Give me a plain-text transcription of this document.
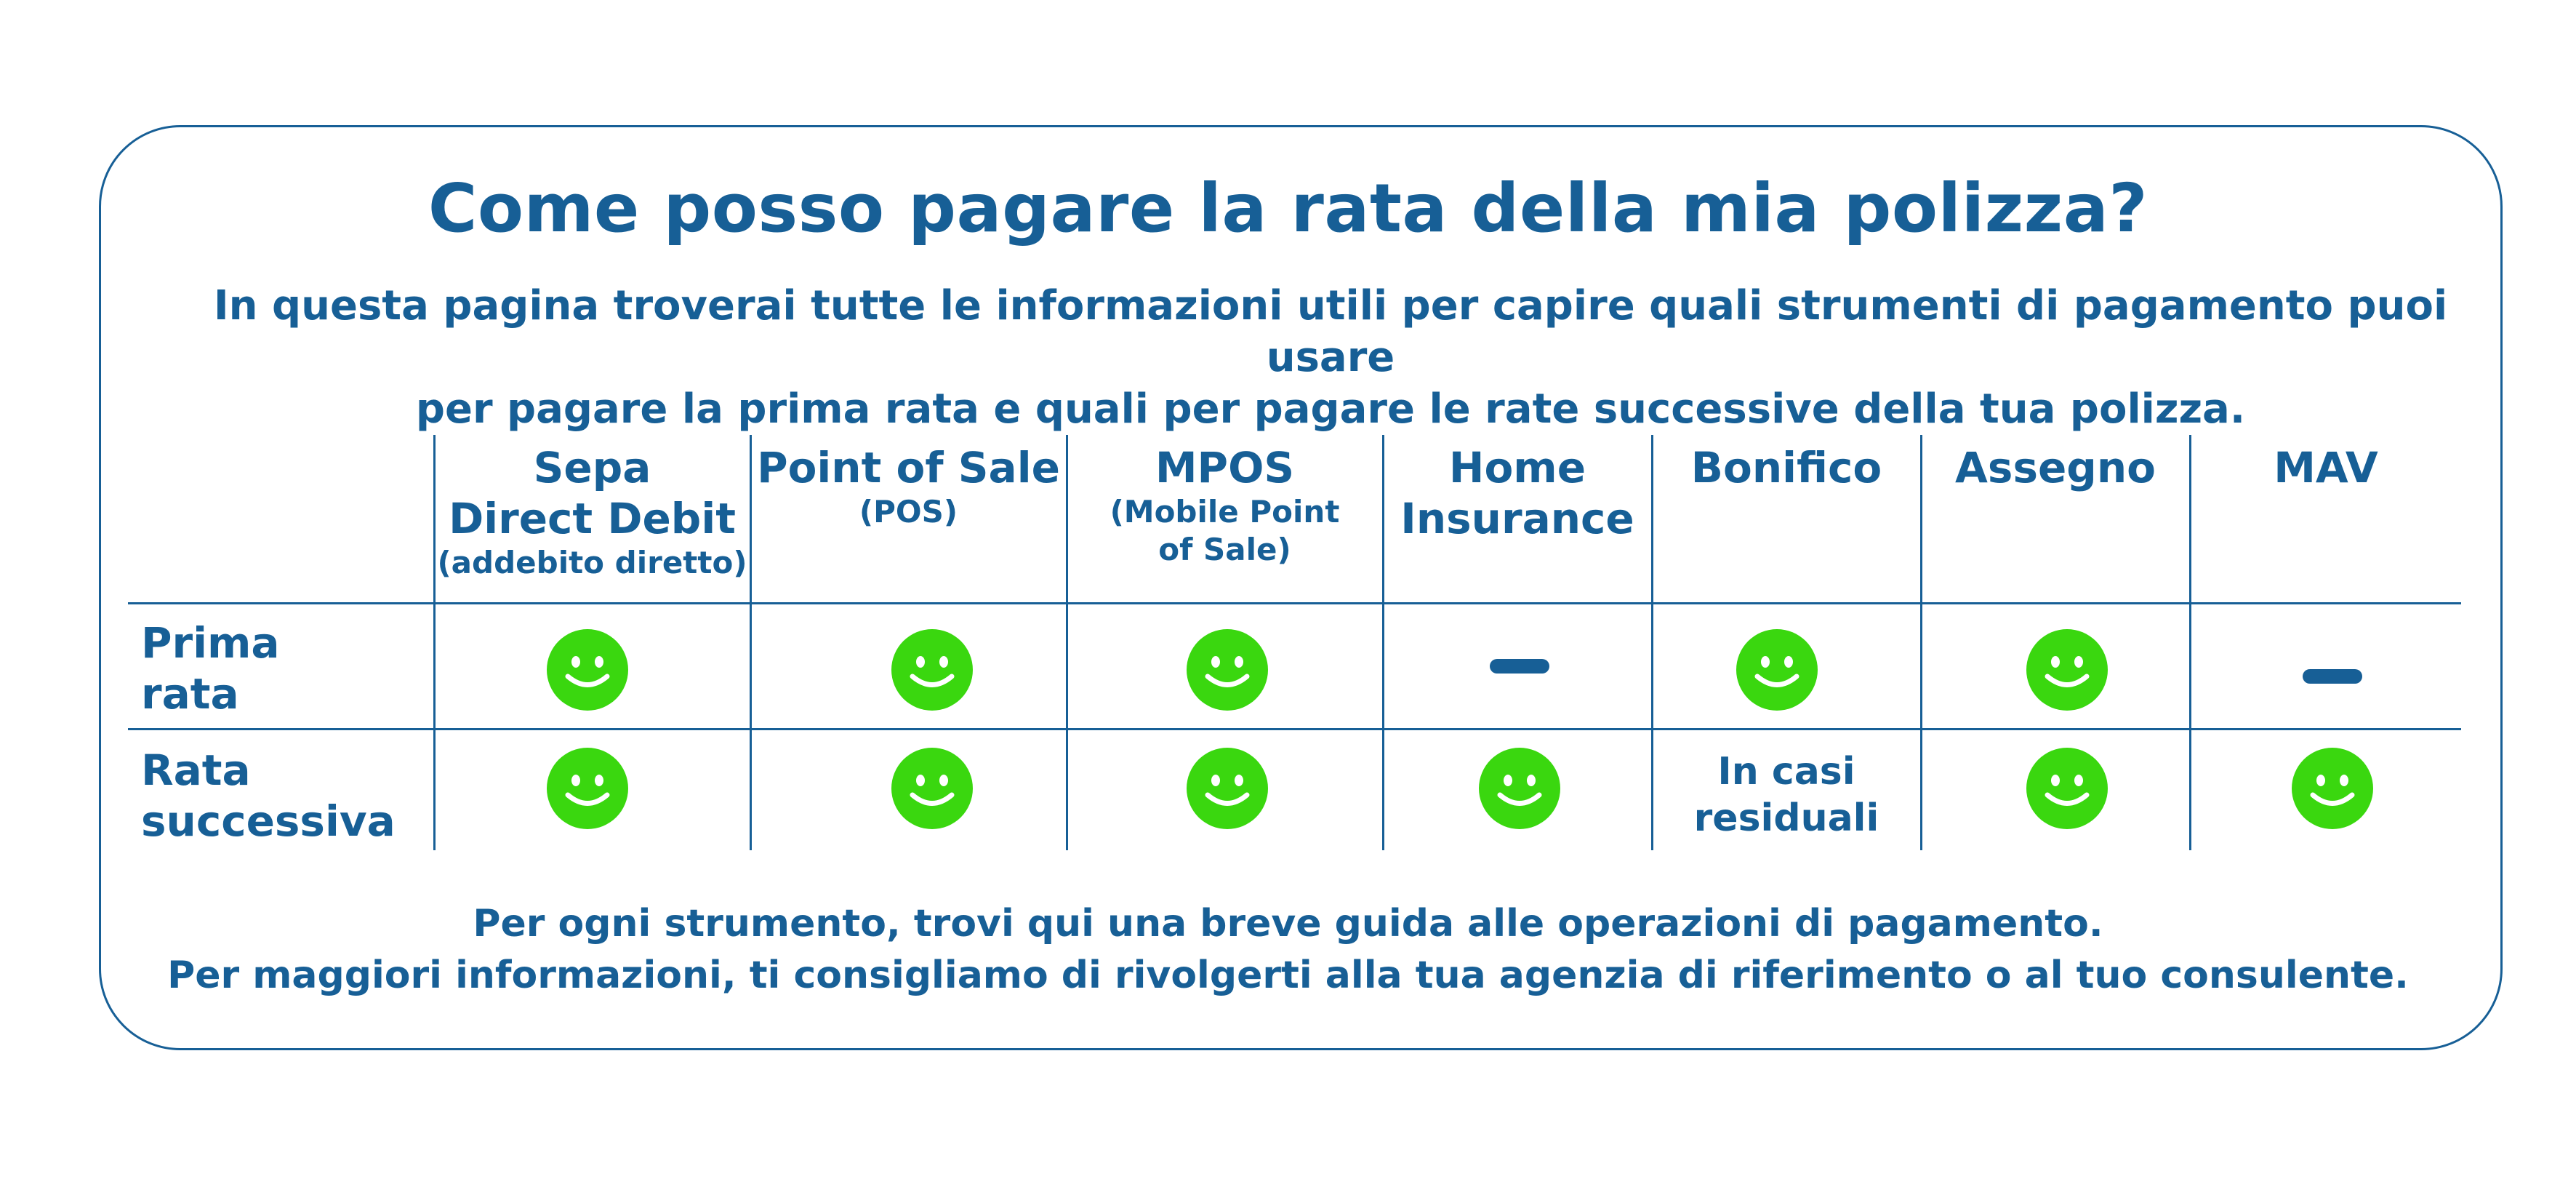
Come posso pagare la rata della mia polizza?

In questa pagina troverai tutte le informazioni utili per capire quali strumenti di pagamento puoi usare
per pagare la prima rata e quali per pagare le rate successive della tua polizza.

Sepa
Direct Debit
(addebito diretto)
Point of Sale
(POS)
MPOS
(Mobile Point
of Sale)
Home
Insurance
Bonifico	Assegno	MAV
Prima
rata
Rata
successiva
In casi
residuali

Per ogni strumento, trovi qui una breve guida alle operazioni di pagamento.
Per maggiori informazioni, ti consigliamo di rivolgerti alla tua agenzia di riferimento o al tuo consulente.
